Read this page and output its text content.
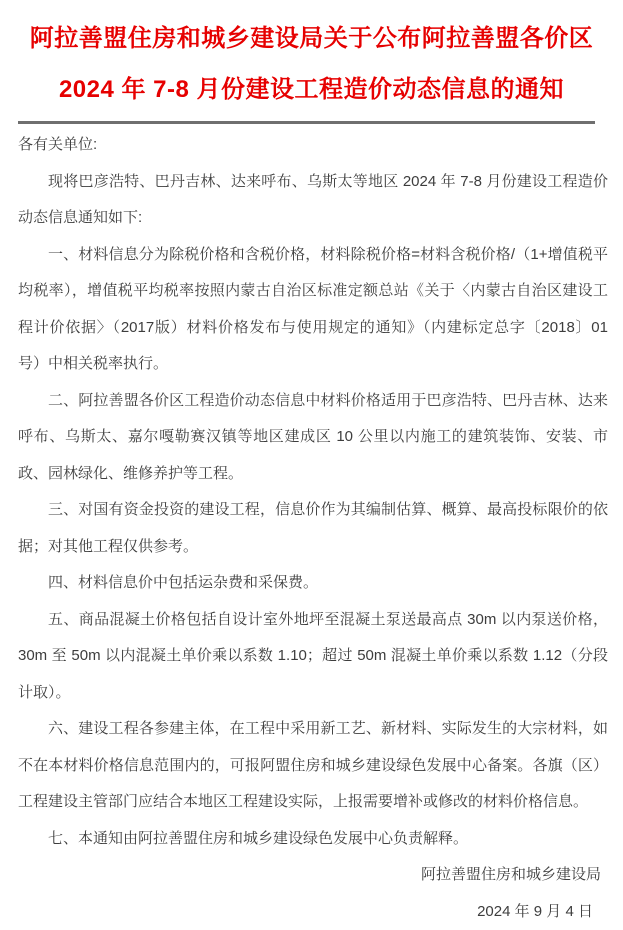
阿拉善盟住房和城乡建设局关于公布阿拉善盟各价区
2024 年 7-8 月份建设工程造价动态信息的通知

各有关单位:

现将巴彦浩特、巴丹吉林、达来呼布、乌斯太等地区 2024 年 7-8 月份建设工程造价动态信息通知如下:

一、材料信息分为除税价格和含税价格，材料除税价格=材料含税价格/（1+增值税平均税率），增值税平均税率按照内蒙古自治区标准定额总站《关于〈内蒙古自治区建设工程计价依据〉（2017版）材料价格发布与使用规定的通知》（内建标定总字〔2018〕01 号）中相关税率执行。

二、阿拉善盟各价区工程造价动态信息中材料价格适用于巴彦浩特、巴丹吉林、达来呼布、乌斯太、嘉尔嘎勒赛汉镇等地区建成区 10 公里以内施工的建筑装饰、安装、市政、园林绿化、维修养护等工程。

三、对国有资金投资的建设工程，信息价作为其编制估算、概算、最高投标限价的依据；对其他工程仅供参考。

四、材料信息价中包括运杂费和采保费。

五、商品混凝土价格包括自设计室外地坪至混凝土泵送最高点 30m 以内泵送价格，30m 至 50m 以内混凝土单价乘以系数 1.10；超过 50m 混凝土单价乘以系数 1.12（分段计取）。

六、建设工程各参建主体，在工程中采用新工艺、新材料、实际发生的大宗材料，如不在本材料价格信息范围内的，可报阿盟住房和城乡建设绿色发展中心备案。各旗（区）工程建设主管部门应结合本地区工程建设实际，上报需要增补或修改的材料价格信息。

七、本通知由阿拉善盟住房和城乡建设绿色发展中心负责解释。

阿拉善盟住房和城乡建设局

2024 年 9 月 4 日
